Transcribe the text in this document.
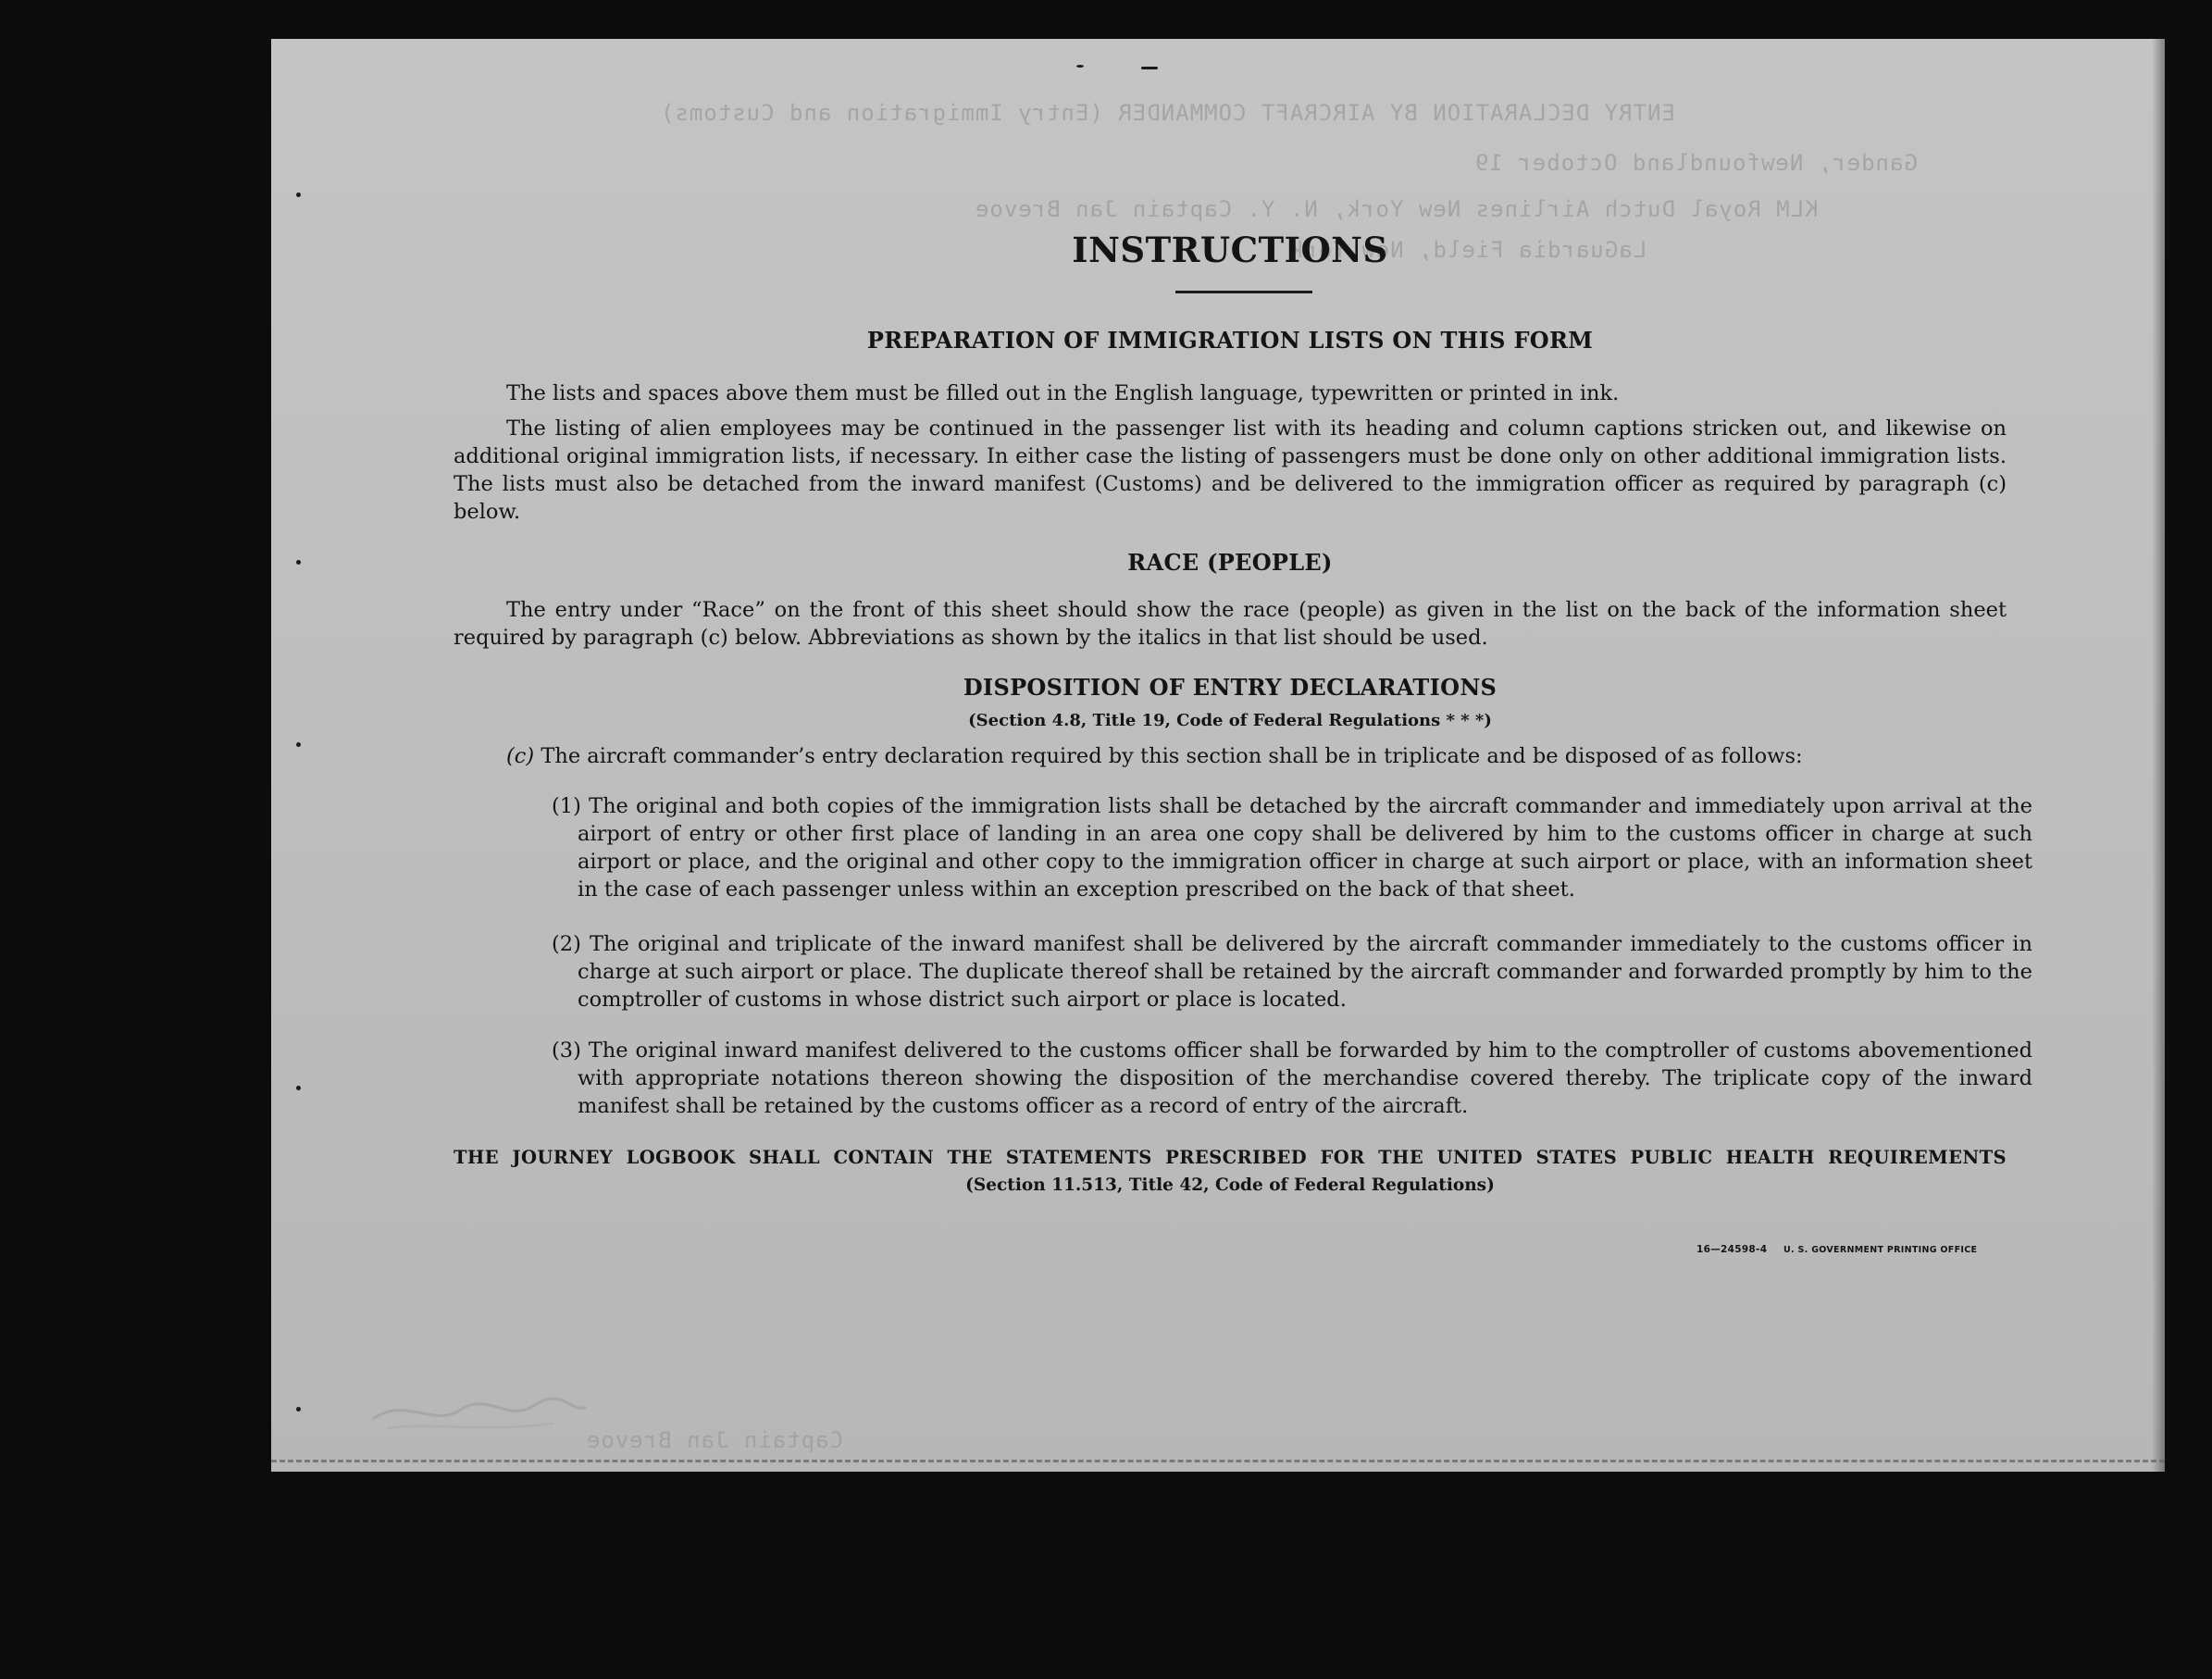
ENTRY DECLARATION BY AIRCRAFT COMMANDER (Entry Immigration and Customs)
Gander, Newfoundland October 19
KLM Royal Dutch Airlines New York, N. Y. Captain Jan Brevoe
LaGuardia Field, New York
Captain Jan Brevoe
INSTRUCTIONS
PREPARATION OF IMMIGRATION LISTS ON THIS FORM
The lists and spaces above them must be filled out in the English language, typewritten or printed in ink.
The listing of alien employees may be continued in the passenger list with its heading and column captions stricken out, and likewise on additional original immigration lists, if necessary. In either case the listing of passengers must be done only on other additional immigration lists. The lists must also be detached from the inward manifest (Customs) and be delivered to the immigration officer as required by paragraph (c) below.
RACE (PEOPLE)
The entry under “Race” on the front of this sheet should show the race (people) as given in the list on the back of the information sheet required by paragraph (c) below. Abbreviations as shown by the italics in that list should be used.
DISPOSITION OF ENTRY DECLARATIONS
(Section 4.8, Title 19, Code of Federal Regulations * * *)
(c) The aircraft commander’s entry declaration required by this section shall be in triplicate and be disposed of as follows:
(1) The original and both copies of the immigration lists shall be detached by the aircraft commander and immediately upon arrival at the airport of entry or other first place of landing in an area one copy shall be delivered by him to the customs officer in charge at such airport or place, and the original and other copy to the immigration officer in charge at such airport or place, with an information sheet in the case of each passenger unless within an exception prescribed on the back of that sheet.
(2) The original and triplicate of the inward manifest shall be delivered by the aircraft commander immediately to the customs officer in charge at such airport or place. The duplicate thereof shall be retained by the aircraft commander and forwarded promptly by him to the comptroller of customs in whose district such airport or place is located.
(3) The original inward manifest delivered to the customs officer shall be forwarded by him to the comptroller of customs abovementioned with appropriate notations thereon showing the disposition of the merchandise covered thereby. The triplicate copy of the inward manifest shall be retained by the customs officer as a record of entry of the aircraft.
THE JOURNEY LOGBOOK SHALL CONTAIN THE STATEMENTS PRESCRIBED FOR THE UNITED STATES PUBLIC HEALTH REQUIREMENTS
(Section 11.513, Title 42, Code of Federal Regulations)
16—24598-4 U. S. GOVERNMENT PRINTING OFFICE
